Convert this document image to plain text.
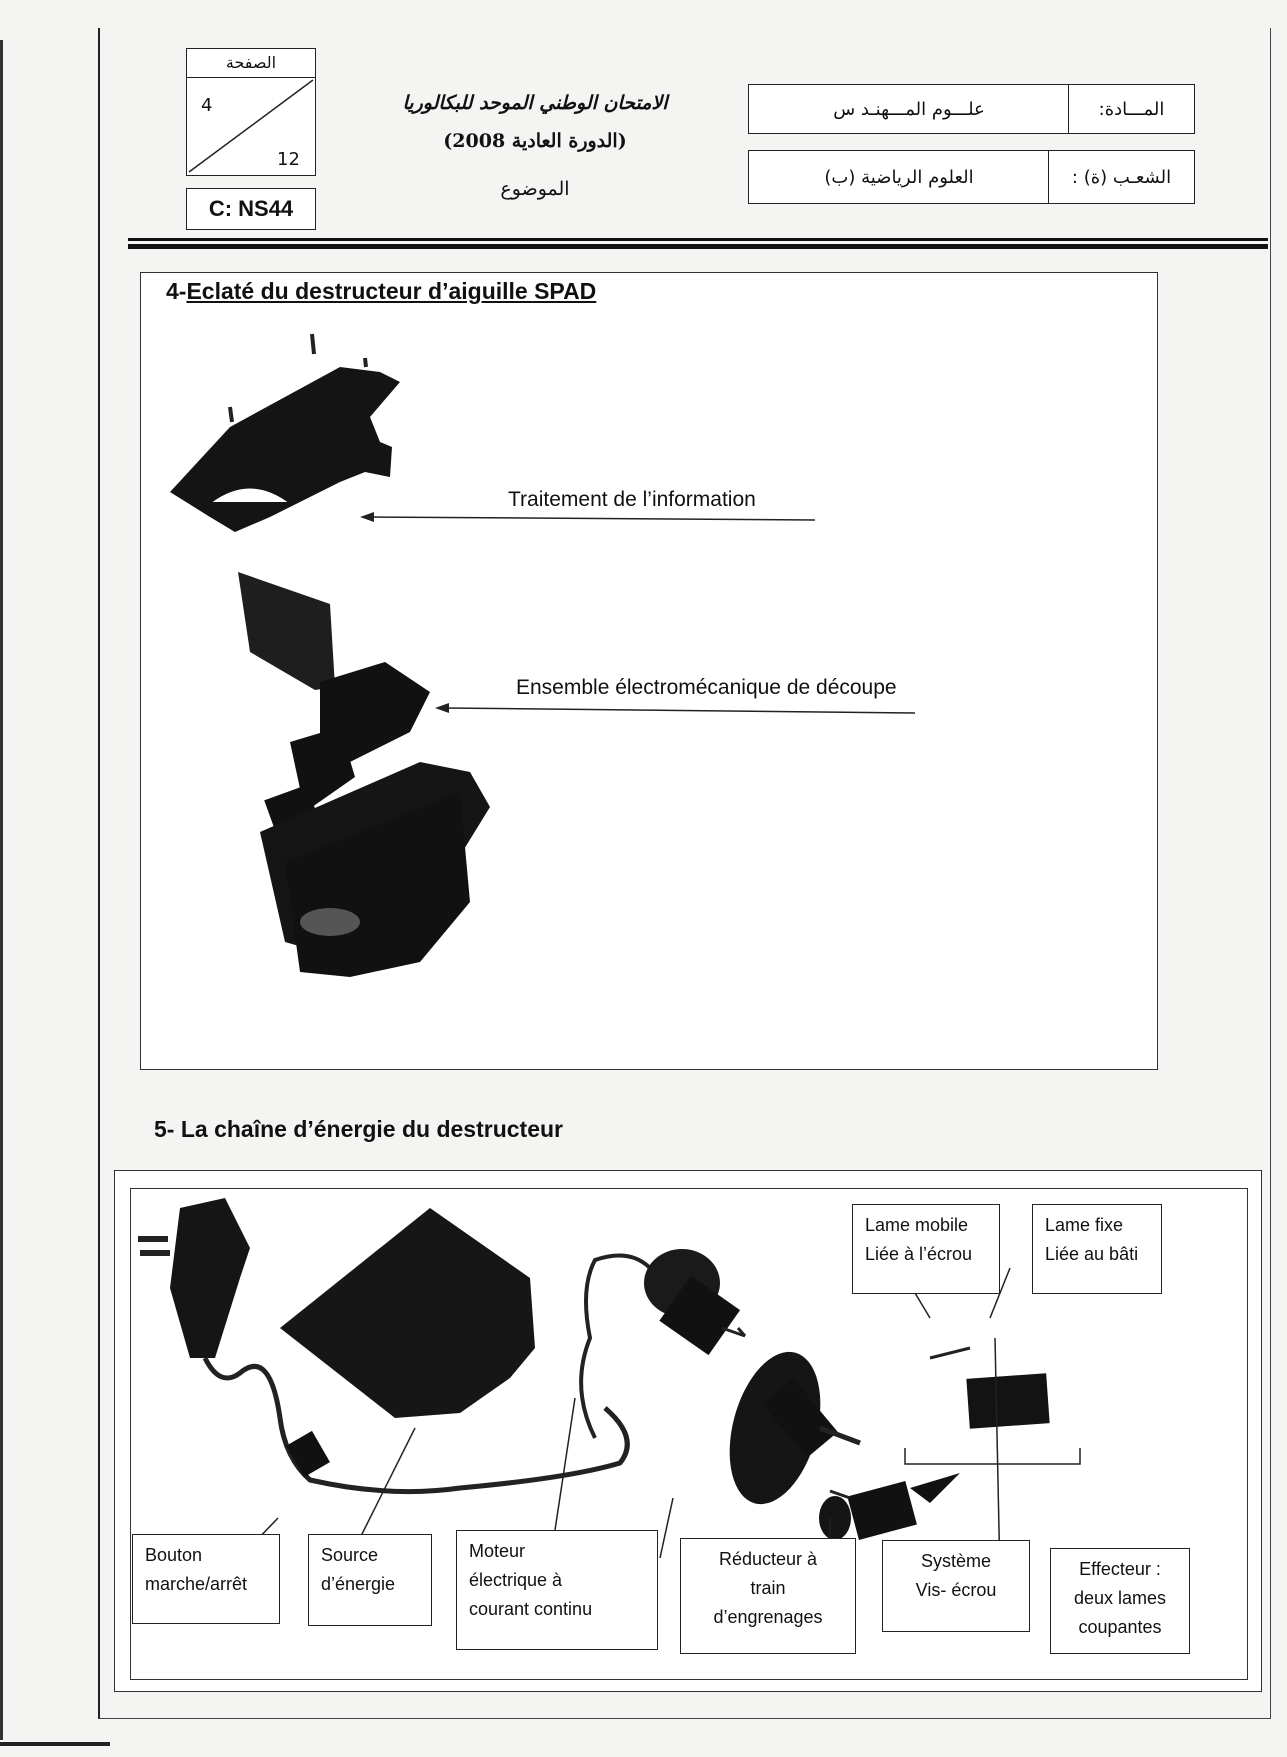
الصفحة
4
12
C: NS44
الامتحان الوطني الموحد للبكالوريا
(الدورة العادية 2008)
الموضوع
المـــادة:
علـــوم المـــهنـد س
الشعـب (ة) :
العلوم الرياضية (ب)
4-Eclaté du destructeur d’aiguille SPAD
Traitement de l’information
Ensemble électromécanique de découpe
5- La chaîne d’énergie du destructeur
Lame mobile
Liée à l’écrou
Lame fixe
Liée au bâti
Bouton
marche/arrêt
Source
d’énergie
Moteur
électrique à
courant continu
Réducteur à
train
d’engrenages
Système
Vis- écrou
Effecteur :
deux lames
coupantes
